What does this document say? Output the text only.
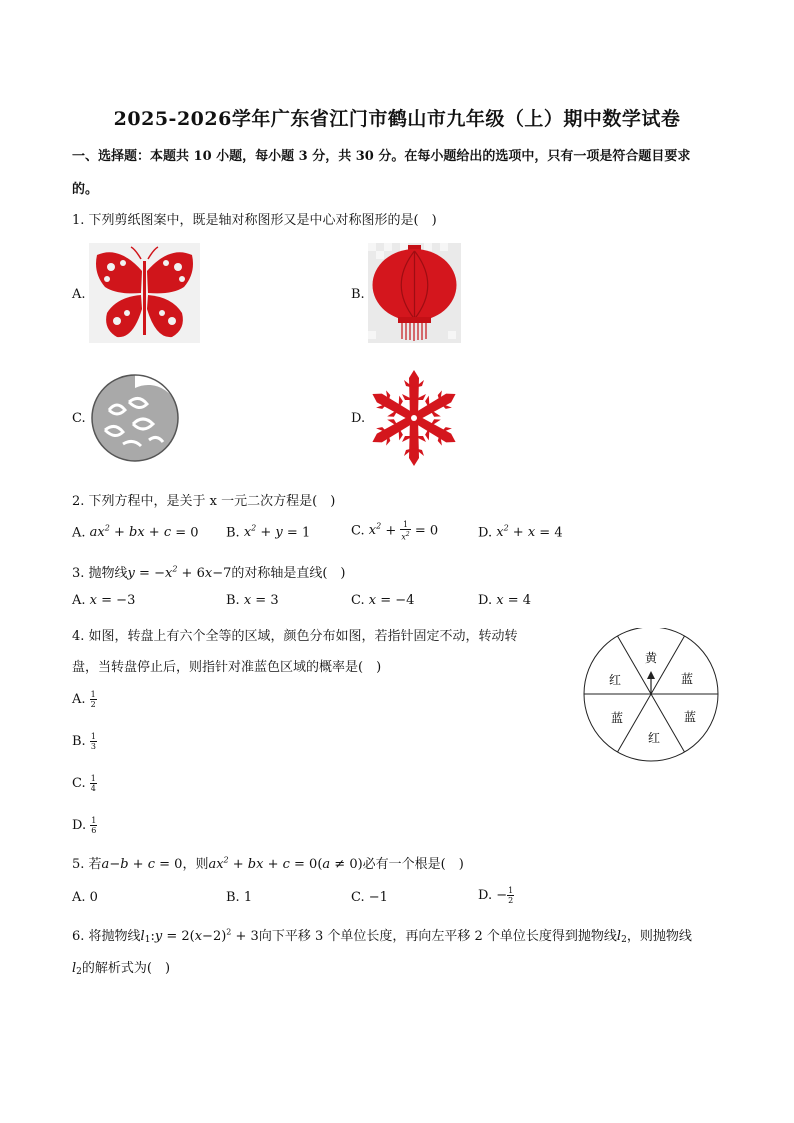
2025-2026学年广东省江门市鹤山市九年级（上）期中数学试卷
一、选择题：本题共 10 小题，每小题 3 分，共 30 分。在每小题给出的选项中，只有一项是符合题目要求
的。
1. 下列剪纸图案中，既是轴对称图形又是中心对称图形的是(　)
A.	B.
C.	D.
2. 下列方程中，是关于 x 一元二次方程是(　)
A. $ax^2$ + bx + c = 0 B. $x^2 + y = 1$	C. $x^2 + \frac{1}{x^2} = 0$	D. $x^2 + x = 4$
3. 抛物线$y = -x^2 + 6x-7$的对称轴是直线(　)
A. x = −3	B. x = 3	C. x = −4	D. x = 4
4. 如图，转盘上有六个全等的区域，颜色分布如图，若指针固定不动，转动转
盘，当转盘停止后，则指针对准蓝色区域的概率是(　)
A. $\frac{1}{2}$
B. $\frac{1}{3}$
C. $\frac{1}{4}$
D. $\frac{1}{6}$
黄
蓝
蓝
红
蓝
红
5. 若a−b + c = 0，则$ax^2$ + bx + c = 0(a ≠ 0)必有一个根是(　)
A. 0	B. 1	C. −1	D. − $\frac{1}{2}$
6. 将抛物线$l_1:y = 2(x-2)^2 + 3$向下平移 3 个单位长度，再向左平移 2 个单位长度得到抛物线$l_2$，则抛物线
$l_2$的解析式为(　)
